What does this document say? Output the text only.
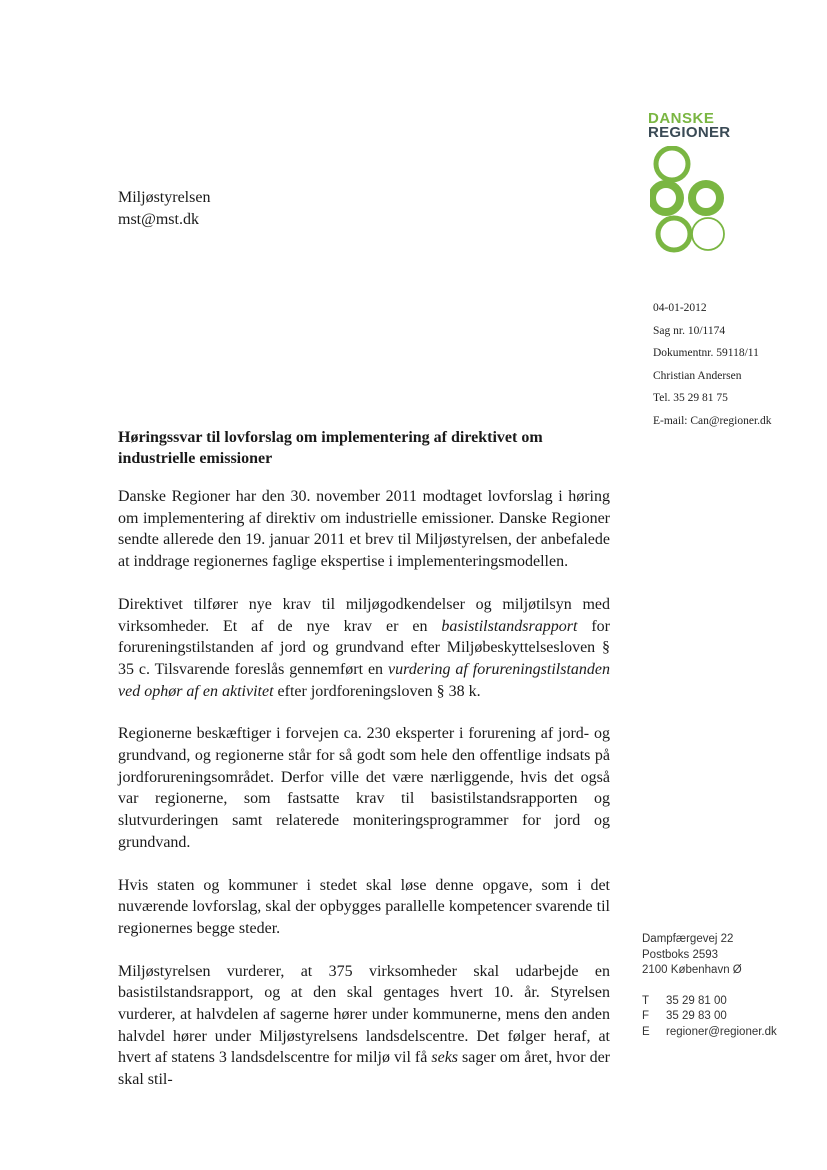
DANSKE
REGIONER
Miljøstyrelsen
mst@mst.dk
04-01-2012
Sag nr. 10/1174
Dokumentnr. 59118/11
Christian Andersen
Tel. 35 29 81 75
E-mail: Can@regioner.dk
Høringssvar til lovforslag om implementering af direktivet om industrielle emissioner

Danske Regioner har den 30. november 2011 modtaget lovforslag i høring om implementering af direktiv om industrielle emissioner. Danske Regioner sendte allerede den 19. januar 2011 et brev til Miljøstyrelsen, der anbefalede at inddrage regionernes faglige ekspertise i implementeringsmodellen.

Direktivet tilfører nye krav til miljøgodkendelser og miljøtilsyn med virksomheder. Et af de nye krav er en basistilstandsrapport for forureningstilstanden af jord og grundvand efter Miljøbeskyttelsesloven § 35 c. Tilsvarende foreslås gennemført en vurdering af forureningstilstanden ved ophør af en aktivitet efter jordforeningsloven § 38 k.

Regionerne beskæftiger i forvejen ca. 230 eksperter i forurening af jord- og grundvand, og regionerne står for så godt som hele den offentlige indsats på jordforureningsområdet. Derfor ville det være nærliggende, hvis det også var regionerne, som fastsatte krav til basistilstandsrapporten og slutvurderingen samt relaterede moniteringsprogrammer for jord og grundvand.

Hvis staten og kommuner i stedet skal løse denne opgave, som i det nuværende lovforslag, skal der opbygges parallelle kompetencer svarende til regionernes begge steder.

Miljøstyrelsen vurderer, at 375 virksomheder skal udarbejde en basistilstandsrapport, og at den skal gentages hvert 10. år. Styrelsen vurderer, at halvdelen af sagerne hører under kommunerne, mens den anden halvdel hører under Miljøstyrelsens landsdelscentre. Det følger heraf, at hvert af statens 3 landsdelscentre for miljø vil få seks sager om året, hvor der skal stil-

Dampfærgevej 22
Postboks 2593
2100 København Ø
T 35 29 81 00
F 35 29 83 00
E regioner@regioner.dk
